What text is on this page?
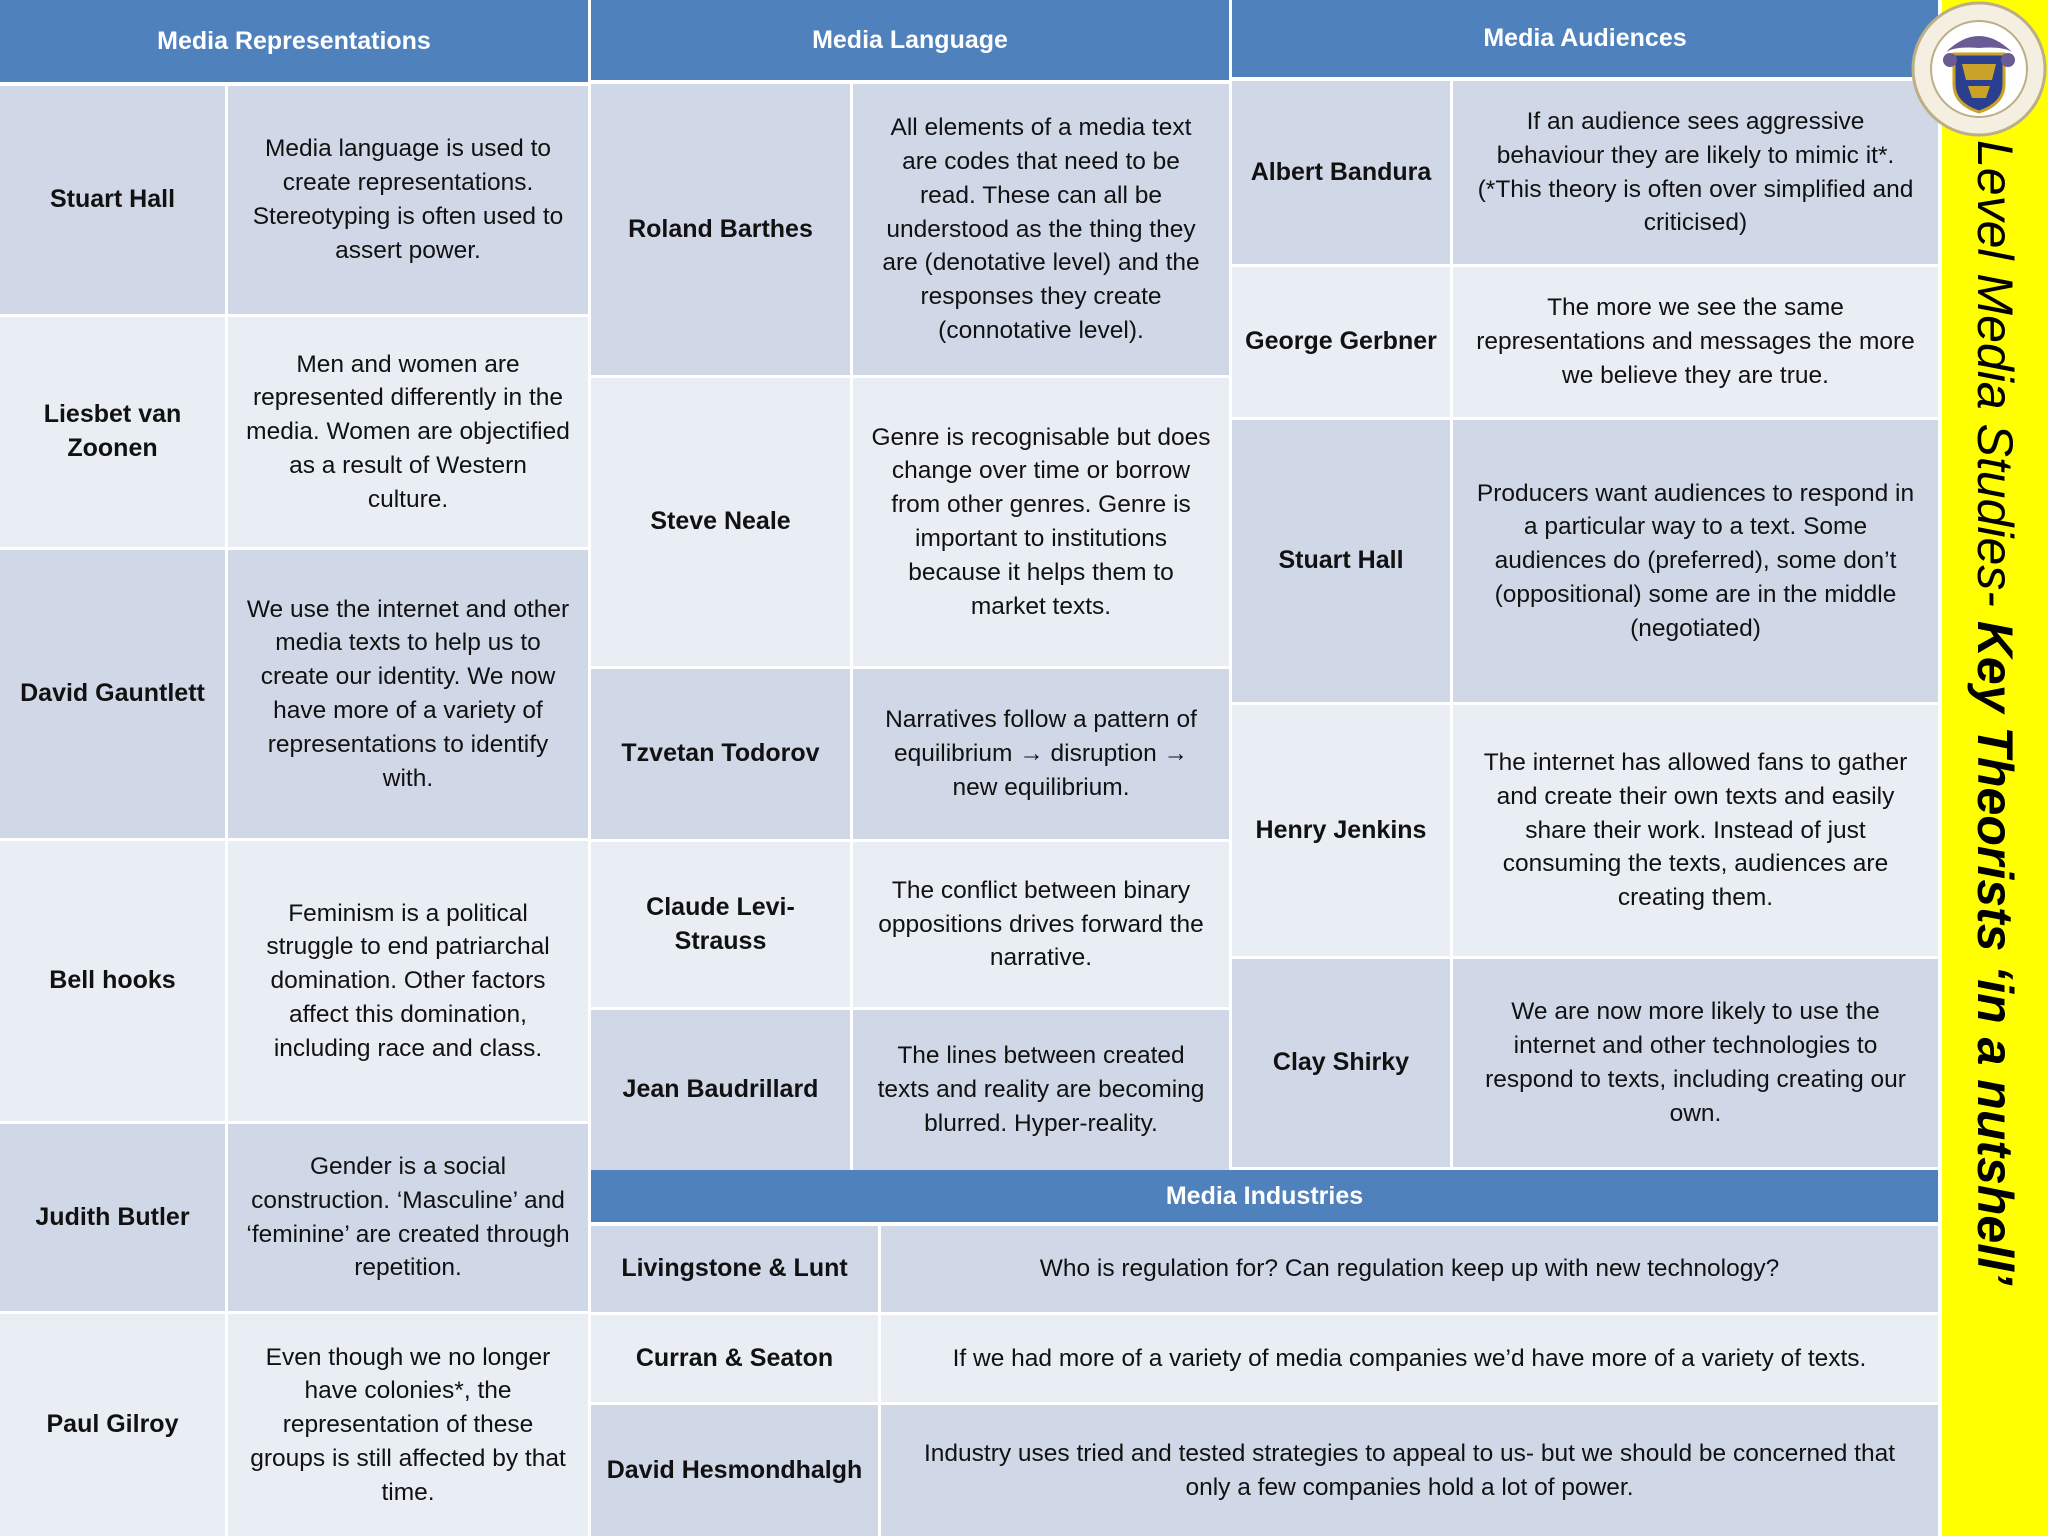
Media Representations
Stuart Hall
Media language is used to create representations. Stereotyping is often used to assert power.
Liesbet van Zoonen
Men and women are represented differently in the media. Women are objectified as a result of Western culture.
David Gauntlett
We use the internet and other media texts to help us to create our identity. We now have more of a variety of representations to identify with.
Bell hooks
Feminism is a political struggle to end patriarchal domination. Other factors affect this domination, including race and class.
Judith Butler
Gender is a social construction. ‘Masculine’ and ‘feminine’ are created through repetition.
Paul Gilroy
Even though we no longer have colonies*, the representation of these groups is still affected by that time.
Media Language
Roland Barthes
All elements of a media text are codes that need to be read. These can all be understood as the thing they are (denotative level) and the responses they create (connotative level).
Steve Neale
Genre is recognisable but does change over time or borrow from other genres. Genre is important to institutions because it helps them to market texts.
Tzvetan Todorov
Narratives follow a pattern of equilibrium → disruption → new equilibrium.
Claude Levi-Strauss
The conflict between binary oppositions drives forward the narrative.
Jean Baudrillard
The lines between created texts and reality are becoming blurred. Hyper-reality.
Media Audiences
Albert Bandura
If an audience sees aggressive behaviour they are likely to mimic it*. (*This theory is often over simplified and criticised)
George Gerbner
The more we see the same representations and messages the more we believe they are true.
Stuart Hall
Producers want audiences to respond in a particular way to a text. Some audiences do (preferred), some don’t (oppositional) some are in the middle (negotiated)
Henry Jenkins
The internet has allowed fans to gather and create their own texts and easily share their work. Instead of just consuming the texts, audiences are creating them.
Clay Shirky
We are now more likely to use the internet and other technologies to respond to texts, including creating our own.
Media Industries
Livingstone & Lunt	Who is regulation for? Can regulation keep up with new technology?
Curran & Seaton	If we had more of a variety of media companies we’d have more of a variety of texts.
David Hesmondhalgh
Industry uses tried and tested strategies to appeal to us- but we should be concerned that only a few companies hold a lot of power.
Level Media Studies- Key Theorists ‘in a nutshell’
